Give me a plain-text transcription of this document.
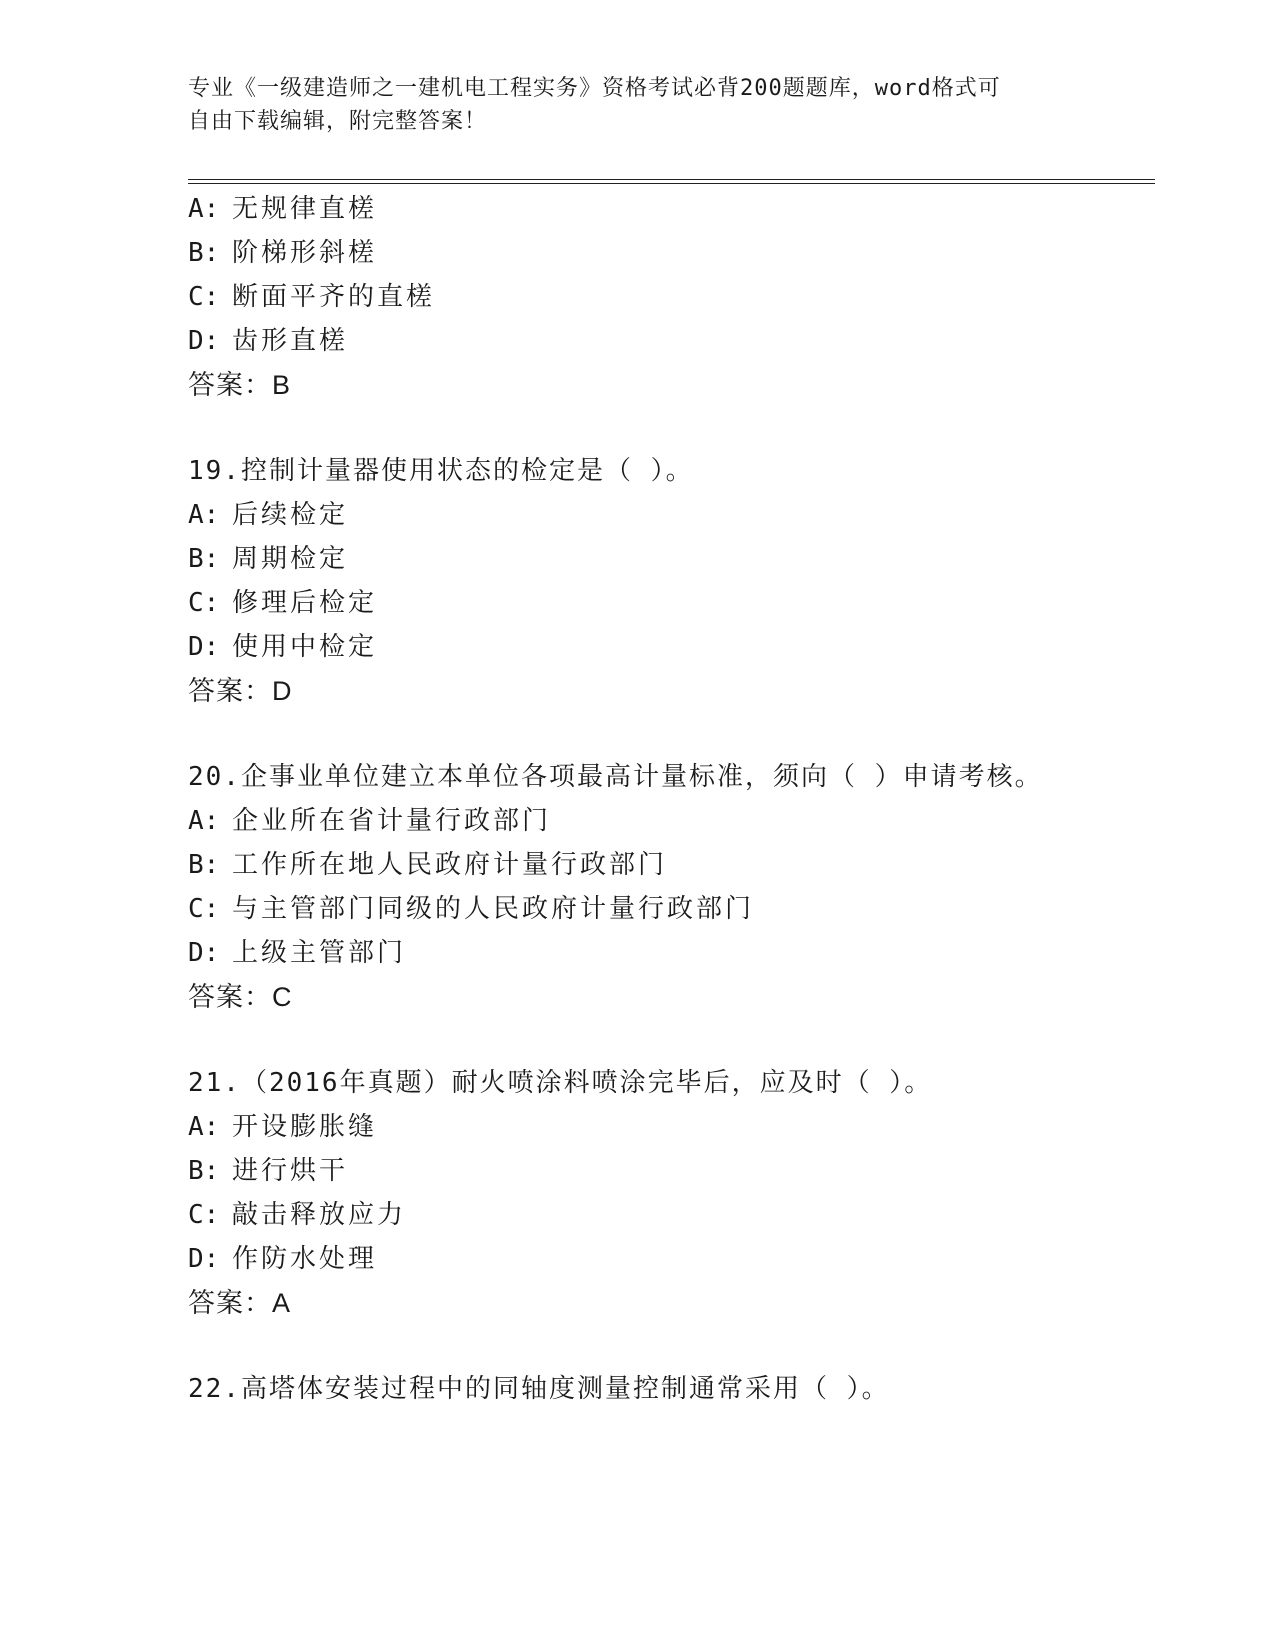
专业《一级建造师之一建机电工程实务》资格考试必背200题题库，word格式可
自由下载编辑，附完整答案！
A: 无规律直槎
B: 阶梯形斜槎
C: 断面平齐的直槎
D: 齿形直槎
答案：B
19.控制计量器使用状态的检定是（ ）。
A: 后续检定
B: 周期检定
C: 修理后检定
D: 使用中检定
答案：D
20.企事业单位建立本单位各项最高计量标准，须向（ ）申请考核。
A: 企业所在省计量行政部门
B: 工作所在地人民政府计量行政部门
C: 与主管部门同级的人民政府计量行政部门
D: 上级主管部门
答案：C
21.（2016年真题）耐火喷涂料喷涂完毕后，应及时（ ）。
A: 开设膨胀缝
B: 进行烘干
C: 敲击释放应力
D: 作防水处理
答案：A
22.高塔体安装过程中的同轴度测量控制通常采用（ ）。
